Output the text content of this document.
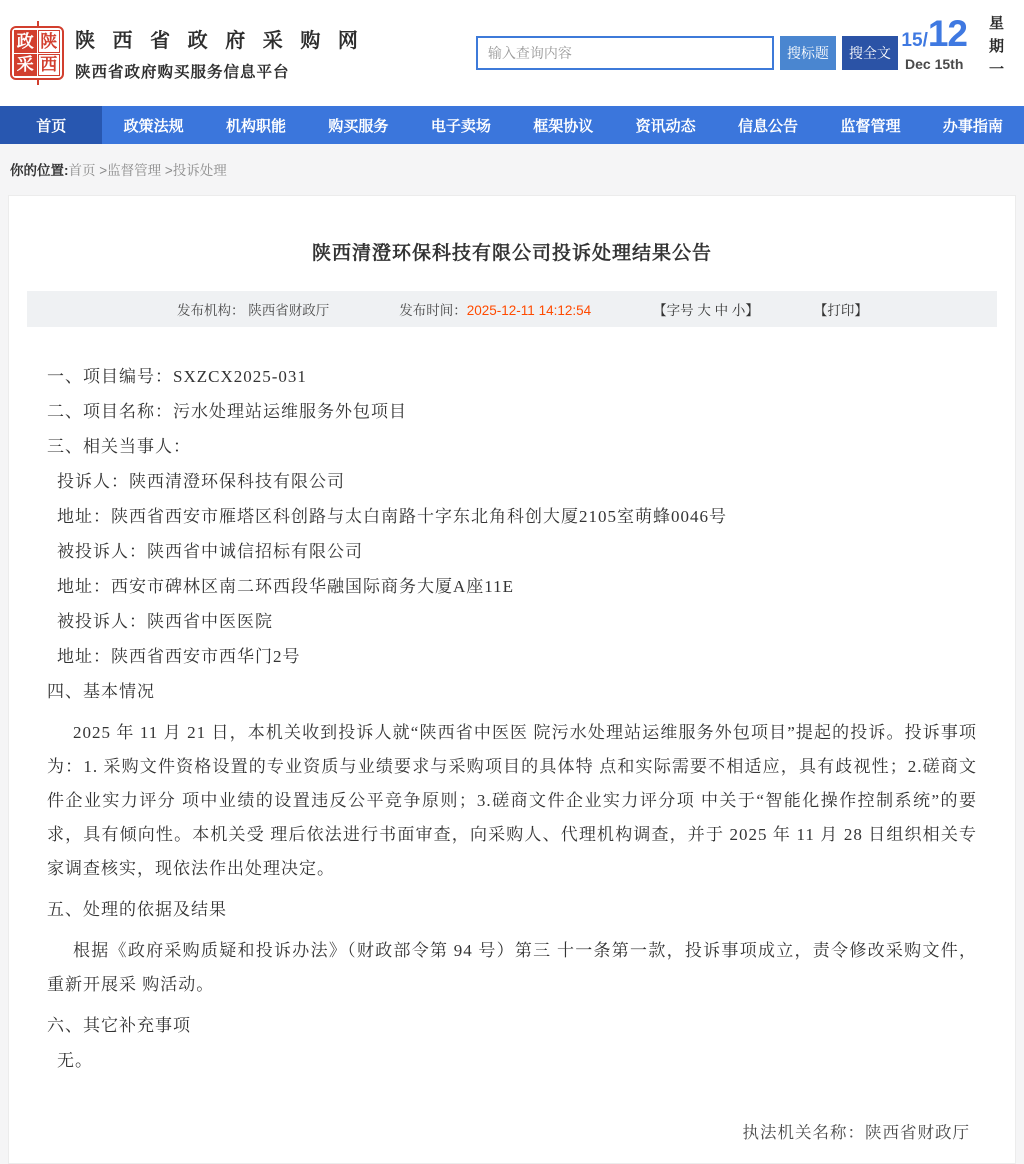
政 陕
采 西
陕 西 省 政 府 采 购 网
陕西省政府购买服务信息平台
输入查询内容
搜标题	搜全文
15/12
Dec 15th 星期一
首页	政策法规	机构职能	购买服务	电子卖场	框架协议	资讯动态	信息公告	监督管理	办事指南
你的位置:首页 >监督管理 >投诉处理
陕西清澄环保科技有限公司投诉处理结果公告
发布机构： 陕西省财政厅	发布时间：2025-12-11 14:12:54	【字号 大 中 小】	【打印】

一、项目编号：SXZCX2025-031

二、项目名称：污水处理站运维服务外包项目

三、相关当事人：

投诉人：陕西清澄环保科技有限公司

地址：陕西省西安市雁塔区科创路与太白南路十字东北角科创大厦2105室萌蜂0046号

被投诉人：陕西省中诚信招标有限公司

地址：西安市碑林区南二环西段华融国际商务大厦A座11E

被投诉人：陕西省中医医院

地址：陕西省西安市西华门2号

四、基本情况

2025 年 11 月 21 日，本机关收到投诉人就“陕西省中医医 院污水处理站运维服务外包项目”提起的投诉。投诉事项为：1. 采购文件资格设置的专业资质与业绩要求与采购项目的具体特 点和实际需要不相适应，具有歧视性；2.磋商文件企业实力评分 项中业绩的设置违反公平竞争原则；3.磋商文件企业实力评分项 中关于“智能化操作控制系统”的要求，具有倾向性。本机关受 理后依法进行书面审查，向采购人、代理机构调查，并于 2025 年 11 月 28 日组织相关专家调查核实，现依法作出处理决定。

五、处理的依据及结果

根据《政府采购质疑和投诉办法》（财政部令第 94 号）第三 十一条第一款，投诉事项成立，责令修改采购文件，重新开展采 购活动。

六、其它补充事项

无。

执法机关名称：陕西省财政厅
